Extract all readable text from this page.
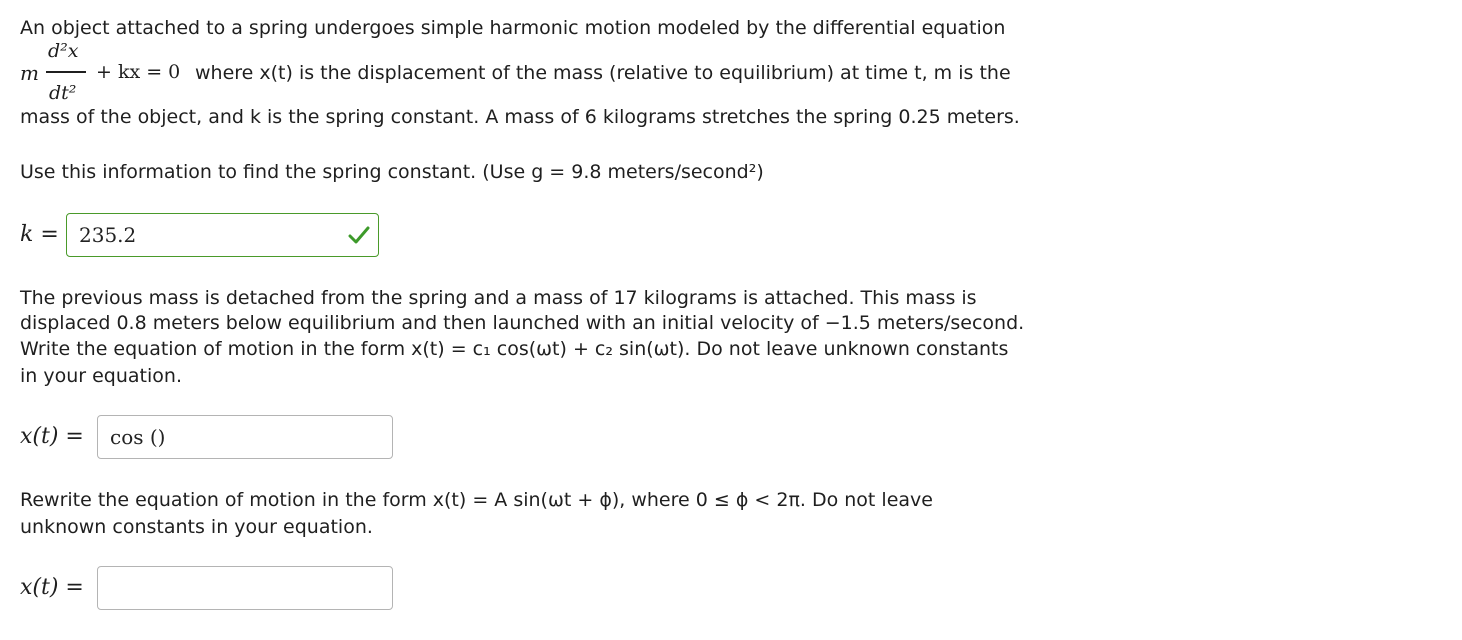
An object attached to a spring undergoes simple harmonic motion modeled by the differential equation
m
d²x
dt²
+ kx = 0 where x(t) is the displacement of the mass (relative to equilibrium) at time t, m is the
mass of the object, and k is the spring constant. A mass of 6 kilograms stretches the spring 0.25 meters.
Use this information to find the spring constant. (Use g = 9.8 meters/second²)
k =	235.2
The previous mass is detached from the spring and a mass of 17 kilograms is attached. This mass is
displaced 0.8 meters below equilibrium and then launched with an initial velocity of −1.5 meters/second.
Write the equation of motion in the form x(t) = c₁ cos(ωt) + c₂ sin(ωt). Do not leave unknown constants
in your equation.
x(t) =	cos ()
Rewrite the equation of motion in the form x(t) = A sin(ωt + ϕ), where 0 ≤ ϕ < 2π. Do not leave
unknown constants in your equation.
x(t) =
